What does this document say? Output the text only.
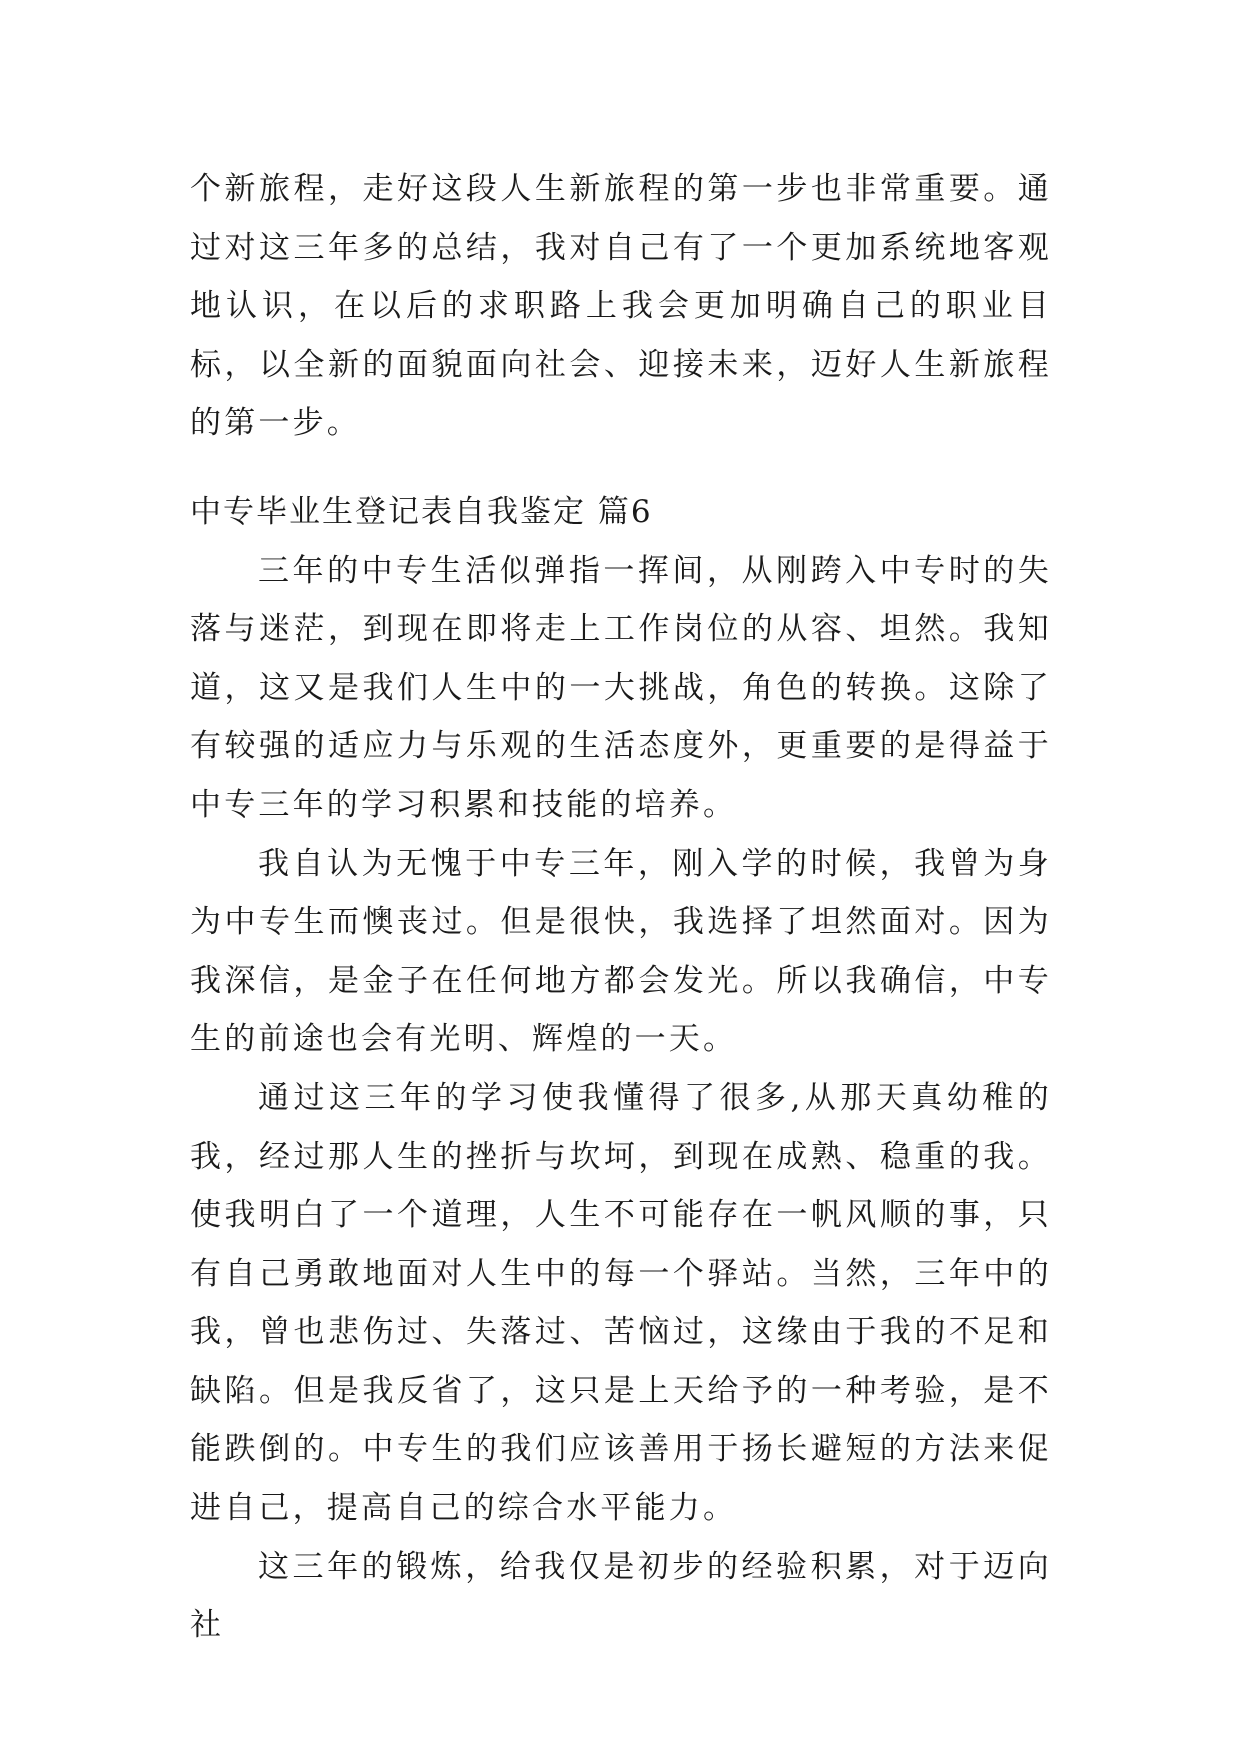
个新旅程，走好这段人生新旅程的第一步也非常重要。通过对这三年多的总结，我对自己有了一个更加系统地客观地认识，在以后的求职路上我会更加明确自己的职业目标，以全新的面貌面向社会、迎接未来，迈好人生新旅程的第一步。

中专毕业生登记表自我鉴定 篇6

三年的中专生活似弹指一挥间，从刚跨入中专时的失落与迷茫，到现在即将走上工作岗位的从容、坦然。我知道，这又是我们人生中的一大挑战，角色的转换。这除了有较强的适应力与乐观的生活态度外，更重要的是得益于中专三年的学习积累和技能的培养。

我自认为无愧于中专三年，刚入学的时候，我曾为身为中专生而懊丧过。但是很快，我选择了坦然面对。因为我深信，是金子在任何地方都会发光。所以我确信，中专生的前途也会有光明、辉煌的一天。

通过这三年的学习使我懂得了很多,从那天真幼稚的我，经过那人生的挫折与坎坷，到现在成熟、稳重的我。使我明白了一个道理，人生不可能存在一帆风顺的事，只有自己勇敢地面对人生中的每一个驿站。当然，三年中的我，曾也悲伤过、失落过、苦恼过，这缘由于我的不足和缺陷。但是我反省了，这只是上天给予的一种考验，是不能跌倒的。中专生的我们应该善用于扬长避短的方法来促进自己，提高自己的综合水平能力。

这三年的锻炼，给我仅是初步的经验积累，对于迈向社
